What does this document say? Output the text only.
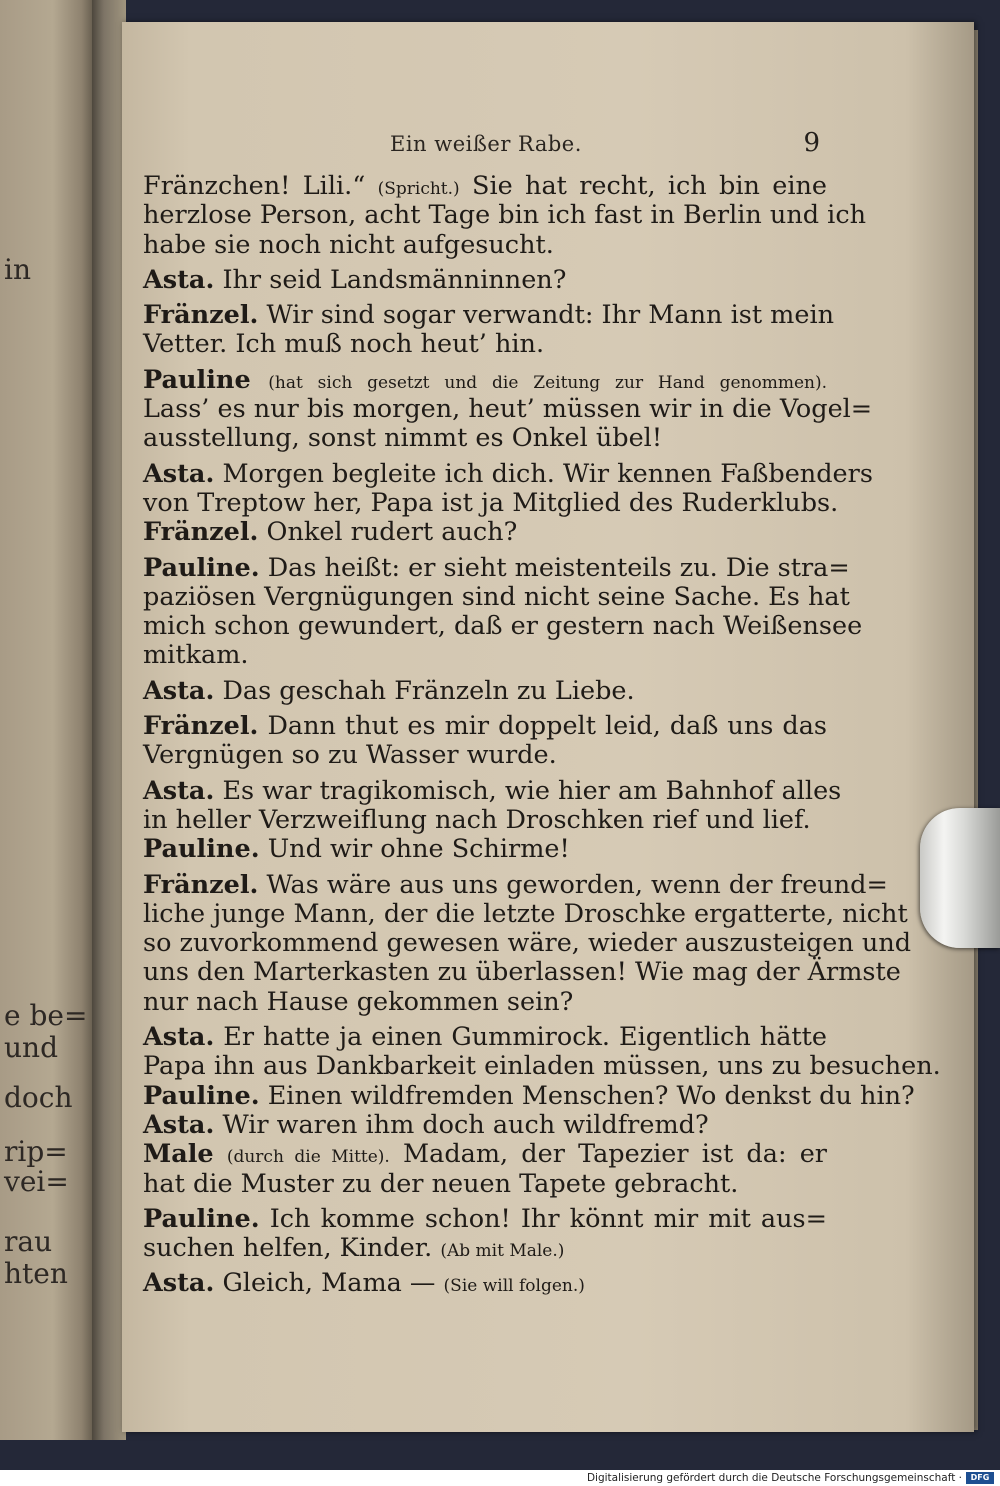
in
e be=
und
doch
rip=
vei=
rau
hten
Ein weißer Rabe.	9
Fränzchen! Lili.“ (Spricht.) Sie hat recht, ich bin eine
herzlose Person, acht Tage bin ich fast in Berlin und ich
habe sie noch nicht aufgesucht.
Asta. Ihr seid Landsmänninnen?
Fränzel. Wir sind sogar verwandt: Ihr Mann ist mein
Vetter. Ich muß noch heut’ hin.
Pauline (hat sich gesetzt und die Zeitung zur Hand genommen).
Lass’ es nur bis morgen, heut’ müssen wir in die Vogel=
ausstellung, sonst nimmt es Onkel übel!
Asta. Morgen begleite ich dich. Wir kennen Faßbenders
von Treptow her, Papa ist ja Mitglied des Ruderklubs.
Fränzel. Onkel rudert auch?
Pauline. Das heißt: er sieht meistenteils zu. Die stra=
paziösen Vergnügungen sind nicht seine Sache. Es hat
mich schon gewundert, daß er gestern nach Weißensee
mitkam.
Asta. Das geschah Fränzeln zu Liebe.
Fränzel. Dann thut es mir doppelt leid, daß uns das
Vergnügen so zu Wasser wurde.
Asta. Es war tragikomisch, wie hier am Bahnhof alles
in heller Verzweiflung nach Droschken rief und lief.
Pauline. Und wir ohne Schirme!
Fränzel. Was wäre aus uns geworden, wenn der freund=
liche junge Mann, der die letzte Droschke ergatterte, nicht
so zuvorkommend gewesen wäre, wieder auszusteigen und
uns den Marterkasten zu überlassen! Wie mag der Ärmste
nur nach Hause gekommen sein?
Asta. Er hatte ja einen Gummirock. Eigentlich hätte
Papa ihn aus Dankbarkeit einladen müssen, uns zu besuchen.
Pauline. Einen wildfremden Menschen? Wo denkst du hin?
Asta. Wir waren ihm doch auch wildfremd?
Male (durch die Mitte). Madam, der Tapezier ist da: er
hat die Muster zu der neuen Tapete gebracht.
Pauline. Ich komme schon! Ihr könnt mir mit aus=
suchen helfen, Kinder. (Ab mit Male.)
Asta. Gleich, Mama — (Sie will folgen.)
Digitalisierung gefördert durch die Deutsche Forschungsgemeinschaft ·	DFG
